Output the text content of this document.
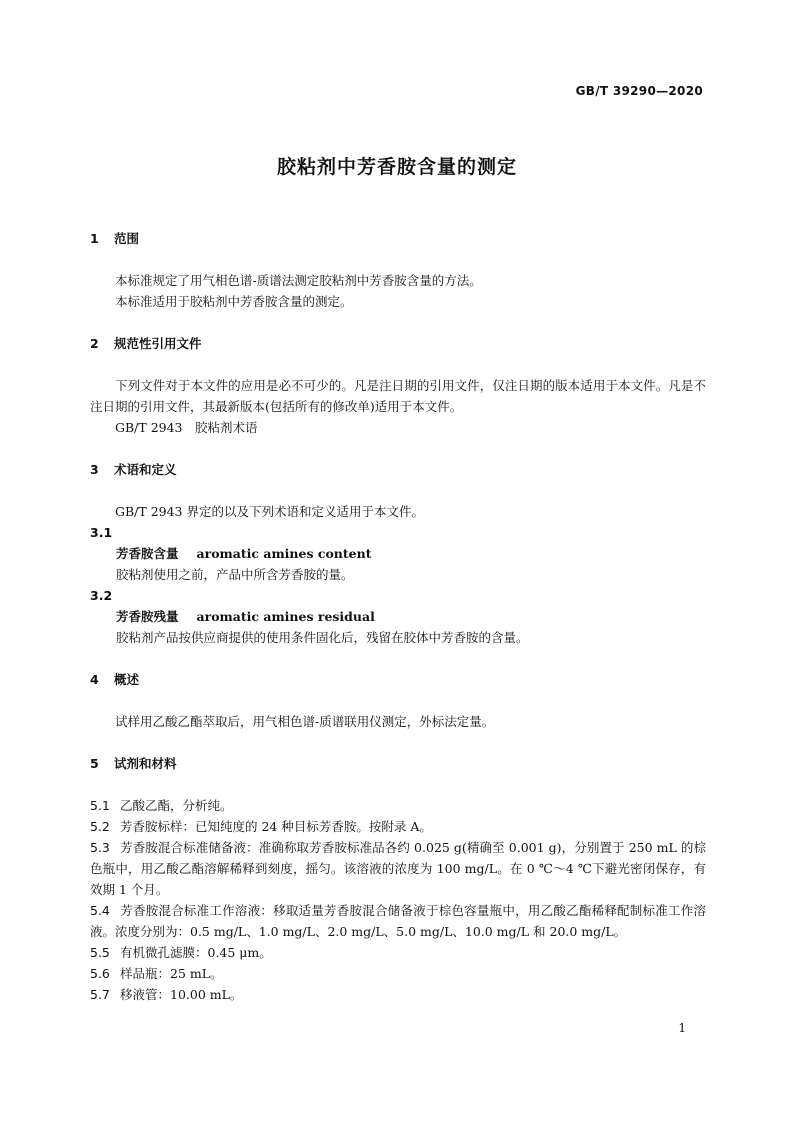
GB/T 39290—2020
胶粘剂中芳香胺含量的测定
1 范围

本标准规定了用气相色谱-质谱法测定胶粘剂中芳香胺含量的方法。

本标准适用于胶粘剂中芳香胺含量的测定。

2 规范性引用文件

下列文件对于本文件的应用是必不可少的。凡是注日期的引用文件，仅注日期的版本适用于本文件。凡是不注日期的引用文件，其最新版本(包括所有的修改单)适用于本文件。

GB/T 2943　胶粘剂术语

3 术语和定义

GB/T 2943 界定的以及下列术语和定义适用于本文件。

3.1
芳香胺含量 aromatic amines content
胶粘剂使用之前，产品中所含芳香胺的量。
3.2
芳香胺残量 aromatic amines residual
胶粘剂产品按供应商提供的使用条件固化后，残留在胶体中芳香胺的含量。
4 概述

试样用乙酸乙酯萃取后，用气相色谱-质谱联用仪测定，外标法定量。

5 试剂和材料

5.1 乙酸乙酯，分析纯。

5.2 芳香胺标样：已知纯度的 24 种目标芳香胺。按附录 A。

5.3 芳香胺混合标准储备液：准确称取芳香胺标准品各约 0.025 g(精确至 0.001 g)，分别置于 250 mL 的棕色瓶中，用乙酸乙酯溶解稀释到刻度，摇匀。该溶液的浓度为 100 mg/L。在 0 ℃～4 ℃下避光密闭保存，有效期 1 个月。

5.4 芳香胺混合标准工作溶液：移取适量芳香胺混合储备液于棕色容量瓶中，用乙酸乙酯稀释配制标准工作溶液。浓度分别为：0.5 mg/L、1.0 mg/L、2.0 mg/L、5.0 mg/L、10.0 mg/L 和 20.0 mg/L。

5.5 有机微孔滤膜：0.45 μm。

5.6 样品瓶：25 mL。

5.7 移液管：10.00 mL。

1
